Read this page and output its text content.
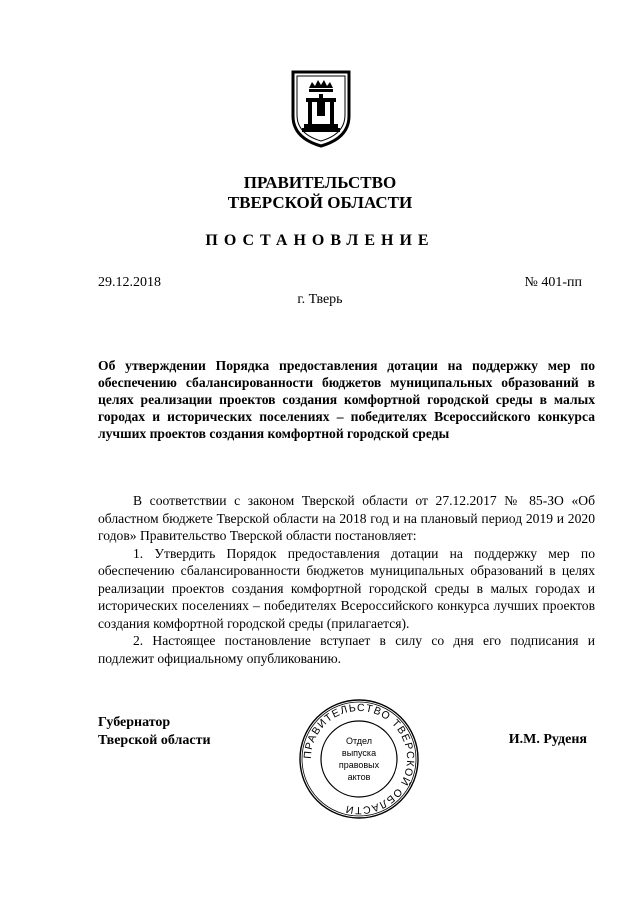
ПРАВИТЕЛЬСТВО
ТВЕРСКОЙ ОБЛАСТИ
ПОСТАНОВЛЕНИЕ
29.12.2018	№ 401-пп
г. Тверь
Об утверждении Порядка предоставления дотации на поддержку мер по обеспечению сбалансированности бюджетов муниципальных образований в целях реализации проектов создания комфортной городской среды в малых городах и исторических поселениях – победителях Всероссийского конкурса лучших проектов создания комфортной городской среды

В соответствии с законом Тверской области от 27.12.2017 № 85-ЗО «Об областном бюджете Тверской области на 2018 год и на плановый период 2019 и 2020 годов» Правительство Тверской области постановляет:

1. Утвердить Порядок предоставления дотации на поддержку мер по обеспечению сбалансированности бюджетов муниципальных образований в целях реализации проектов создания комфортной городской среды в малых городах и исторических поселениях – победителях Всероссийского конкурса лучших проектов создания комфортной городской среды (прилагается).

2. Настоящее постановление вступает в силу со дня его подписания и подлежит официальному опубликованию.

Губернатор
Тверской области
ПРАВИТЕЛЬСТВО ТВЕРСКОЙ ОБЛАСТИ
Отдел
выпуска
правовых
актов
И.М. Руденя
